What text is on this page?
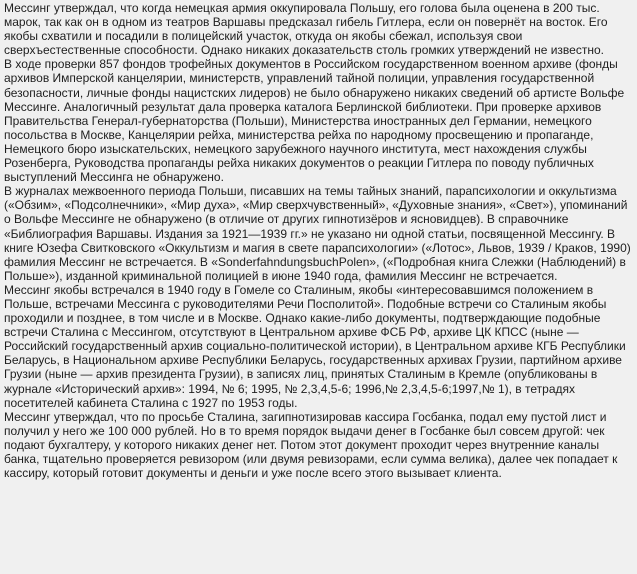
Мессинг утверждал, что когда немецкая армия оккупировала Польшу, его голова была оценена в 200 тыс. марок, так как он в одном из театров Варшавы предсказал гибель Гитлера, если он повернёт на восток. Его якобы схватили и посадили в полицейский участок, откуда он якобы сбежал, используя свои сверхъестественные способности. Однако никаких доказательств столь громких утверждений не известно.

В ходе проверки 857 фондов трофейных документов в Российском государственном военном архиве (фонды архивов Имперской канцелярии, министерств, управлений тайной полиции, управления государственной безопасности, личные фонды нацистских лидеров) не было обнаружено никаких сведений об артисте Вольфе Мессинге. Аналогичный результат дала проверка каталога Берлинской библиотеки. При проверке архивов Правительства Генерал-губернаторства (Польши), Министерства иностранных дел Германии, немецкого посольства в Москве, Канцелярии рейха, министерства рейха по народному просвещению и пропаганде, Немецкого бюро изыскательских, немецкого зарубежного научного института, мест нахождения службы Розенберга, Руководства пропаганды рейха никаких документов о реакции Гитлера по поводу публичных выступлений Мессинга не обнаружено.

В журналах межвоенного периода Польши, писавших на темы тайных знаний, парапсихологии и оккультизма («Обзим», «Подсолнечники», «Мир духа», «Мир сверхчувственный», «Духовные знания», «Свет»), упоминаний о Вольфе Мессинге не обнаружено (в отличие от других гипнотизёров и ясновидцев). В справочнике «Библиография Варшавы. Издания за 1921—1939 гг.» не указано ни одной статьи, посвященной Мессингу. В книге Юзефа Свитковского «Оккультизм и магия в свете парапсихологии» («Лотос», Львов, 1939 / Краков, 1990) фамилия Мессинг не встречается. В «SonderfahndungsbuchPolen», («Подробная книга Слежки (Наблюдений) в Польше»), изданной криминальной полицией в июне 1940 года, фамилия Мессинг не встречается.

Мессинг якобы встречался в 1940 году в Гомеле со Сталиным, якобы «интересовавшимся положением в Польше, встречами Мессинга с руководителями Речи Посполитой». Подобные встречи со Сталиным якобы проходили и позднее, в том числе и в Москве. Однако какие-либо документы, подтверждающие подобные встречи Сталина с Мессингом, отсутствуют в Центральном архиве ФСБ РФ, архиве ЦК КПСС (ныне — Российский государственный архив социально-политической истории), в Центральном архиве КГБ Республики Беларусь, в Национальном архиве Республики Беларусь, государственных архивах Грузии, партийном архиве Грузии (ныне — архив президента Грузии), в записях лиц, принятых Сталиным в Кремле (опубликованы в журнале «Исторический архив»: 1994, № 6; 1995, № 2,3,4,5-6; 1996,№ 2,3,4,5-6;1997,№ 1), в тетрадях посетителей кабинета Сталина с 1927 по 1953 годы.

Мессинг утверждал, что по просьбе Сталина, загипнотизировав кассира Госбанка, подал ему пустой лист и получил у него же 100 000 рублей. Но в то время порядок выдачи денег в Госбанке был совсем другой: чек подают бухгалтеру, у которого никаких денег нет. Потом этот документ проходит через внутренние каналы банка, тщательно проверяется ревизором (или двумя ревизорами, если сумма велика), далее чек попадает к кассиру, который готовит документы и деньги и уже после всего этого вызывает клиента.
